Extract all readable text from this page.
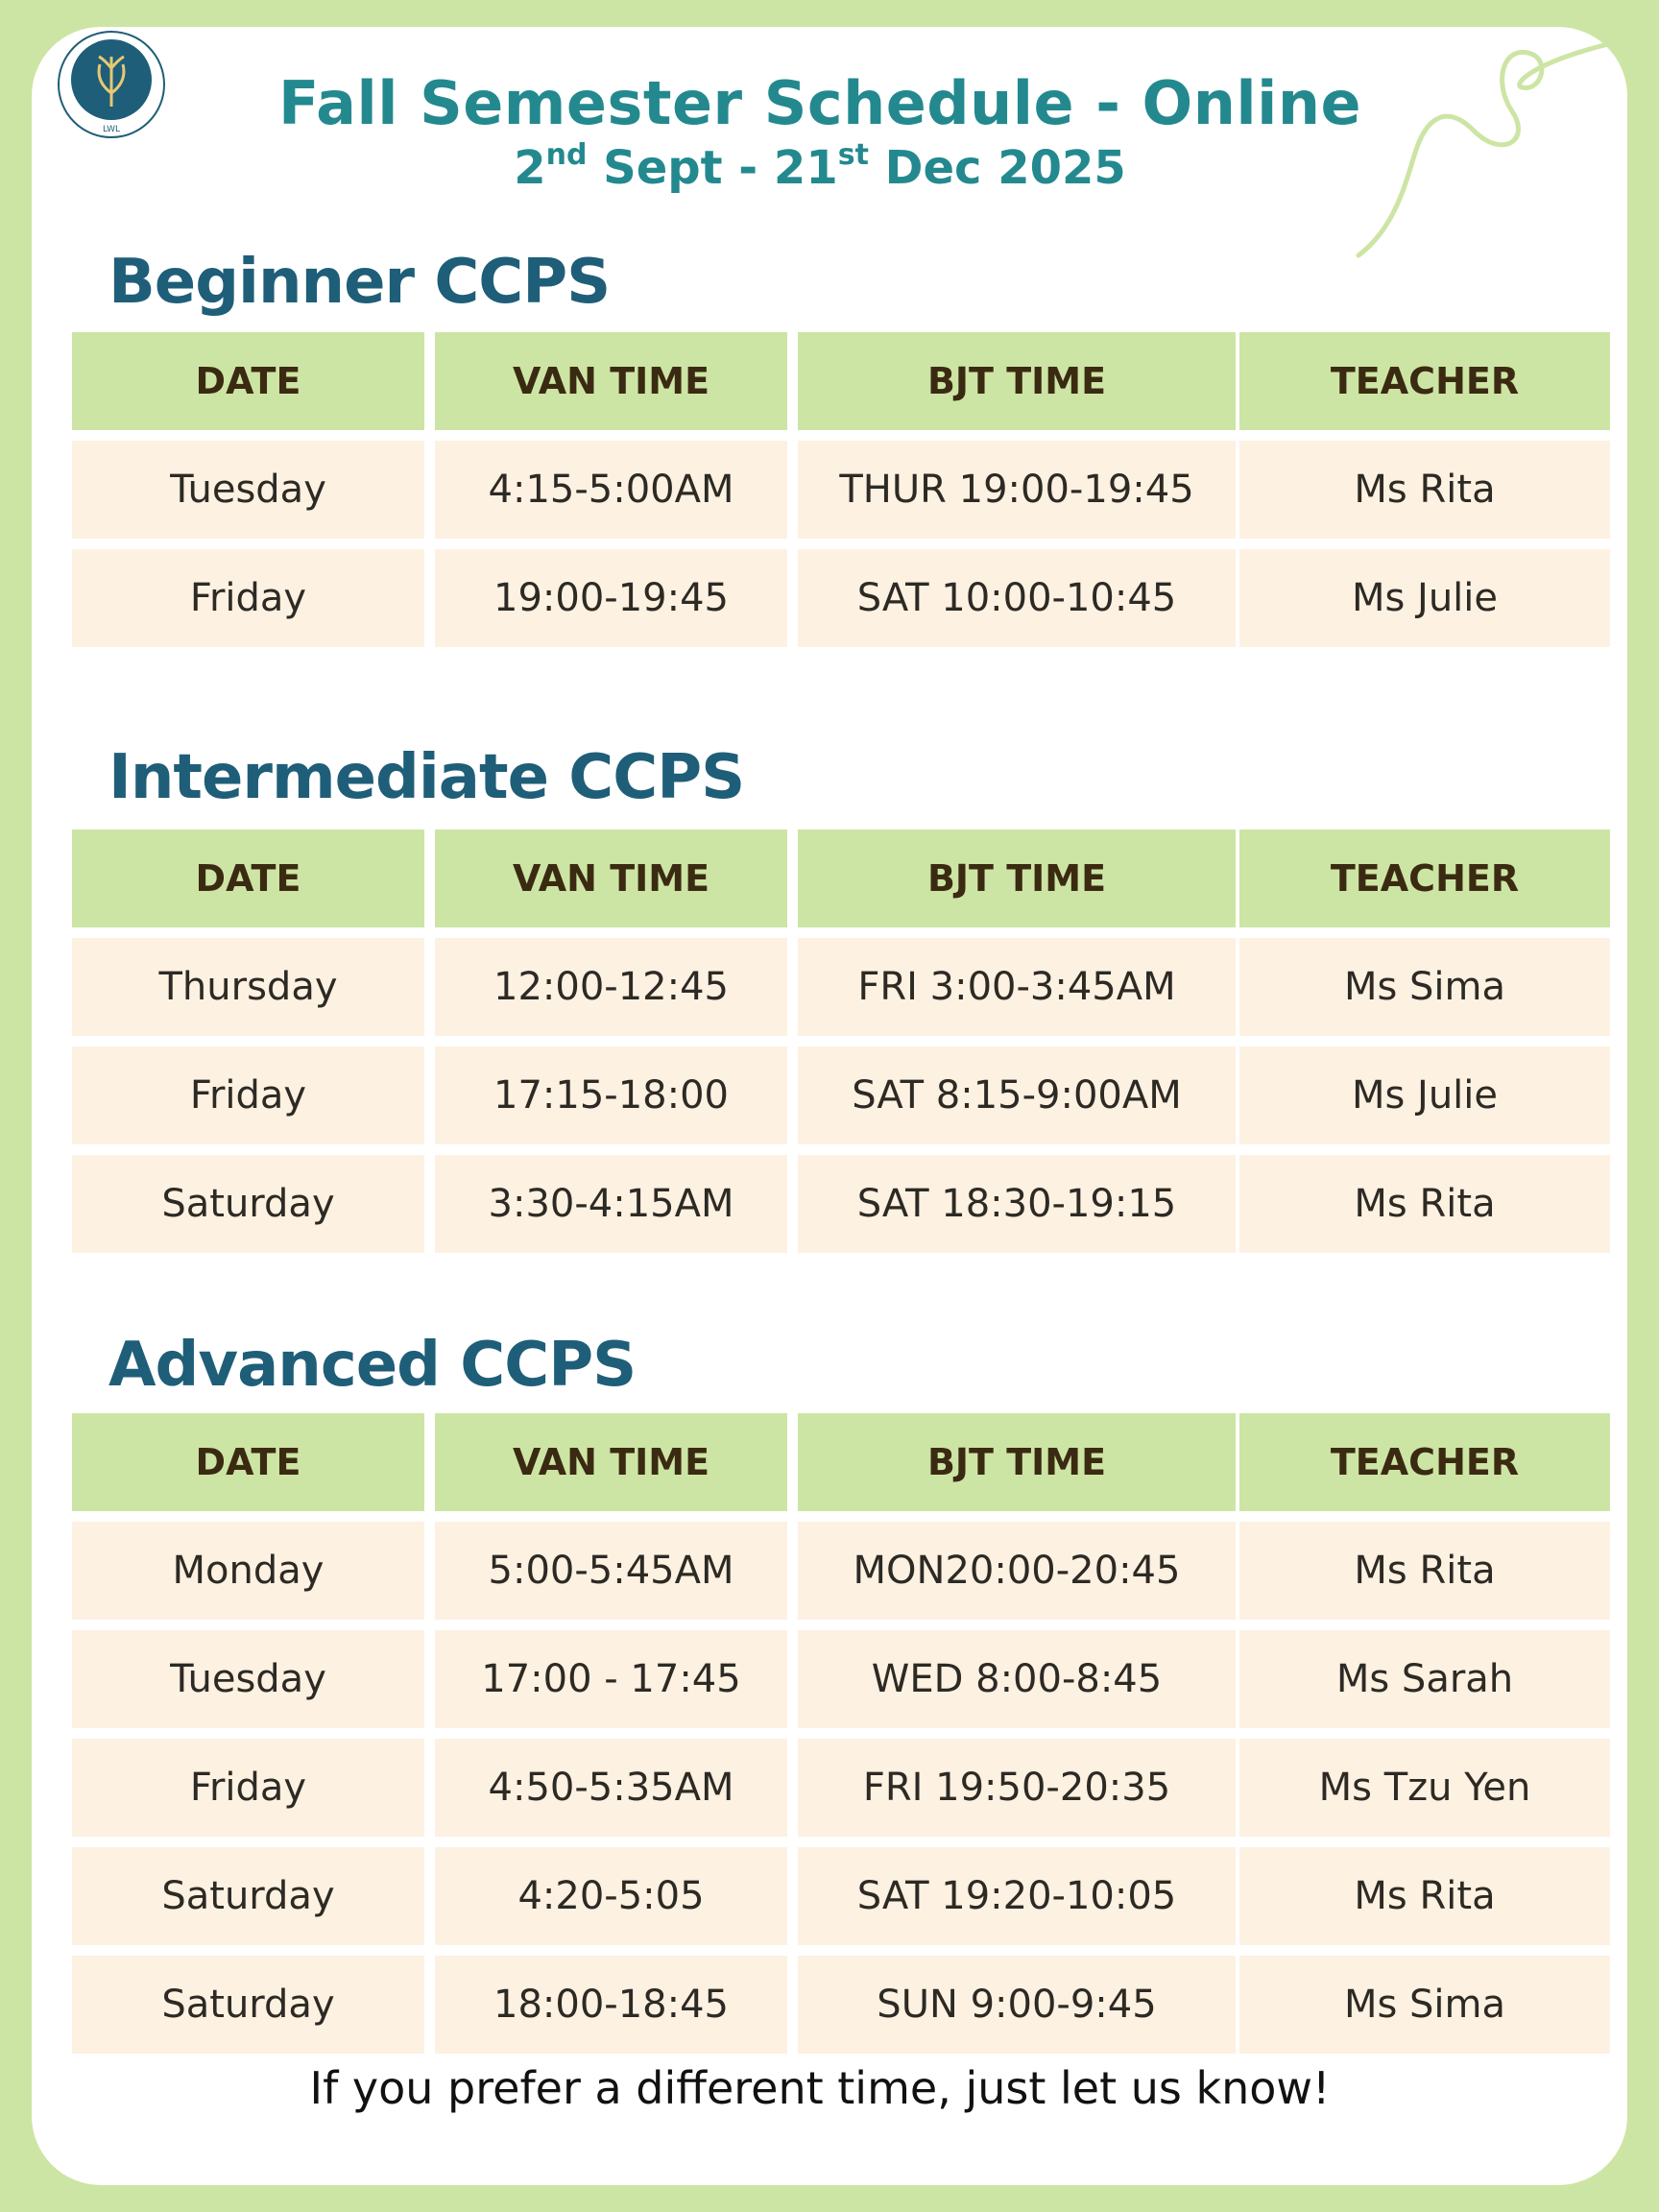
LWL	Fall Semester Schedule - Online
2nd Sept - 21st Dec 2025
Beginner CCPS
DATE	VAN TIME	BJT TIME	TEACHER
Tuesday	4:15-5:00AM	THUR 19:00-19:45	Ms Rita
Friday	19:00-19:45	SAT 10:00-10:45	Ms Julie
Intermediate CCPS
DATE	VAN TIME	BJT TIME	TEACHER
Thursday	12:00-12:45	FRI 3:00-3:45AM	Ms Sima
Friday	17:15-18:00	SAT 8:15-9:00AM	Ms Julie
Saturday	3:30-4:15AM	SAT 18:30-19:15	Ms Rita
Advanced CCPS
DATE	VAN TIME	BJT TIME	TEACHER
Monday	5:00-5:45AM	MON20:00-20:45	Ms Rita
Tuesday	17:00 - 17:45	WED 8:00-8:45	Ms Sarah
Friday	4:50-5:35AM	FRI 19:50-20:35	Ms Tzu Yen
Saturday	4:20-5:05	SAT 19:20-10:05	Ms Rita
Saturday	18:00-18:45	SUN 9:00-9:45	Ms Sima
If you prefer a different time, just let us know!
